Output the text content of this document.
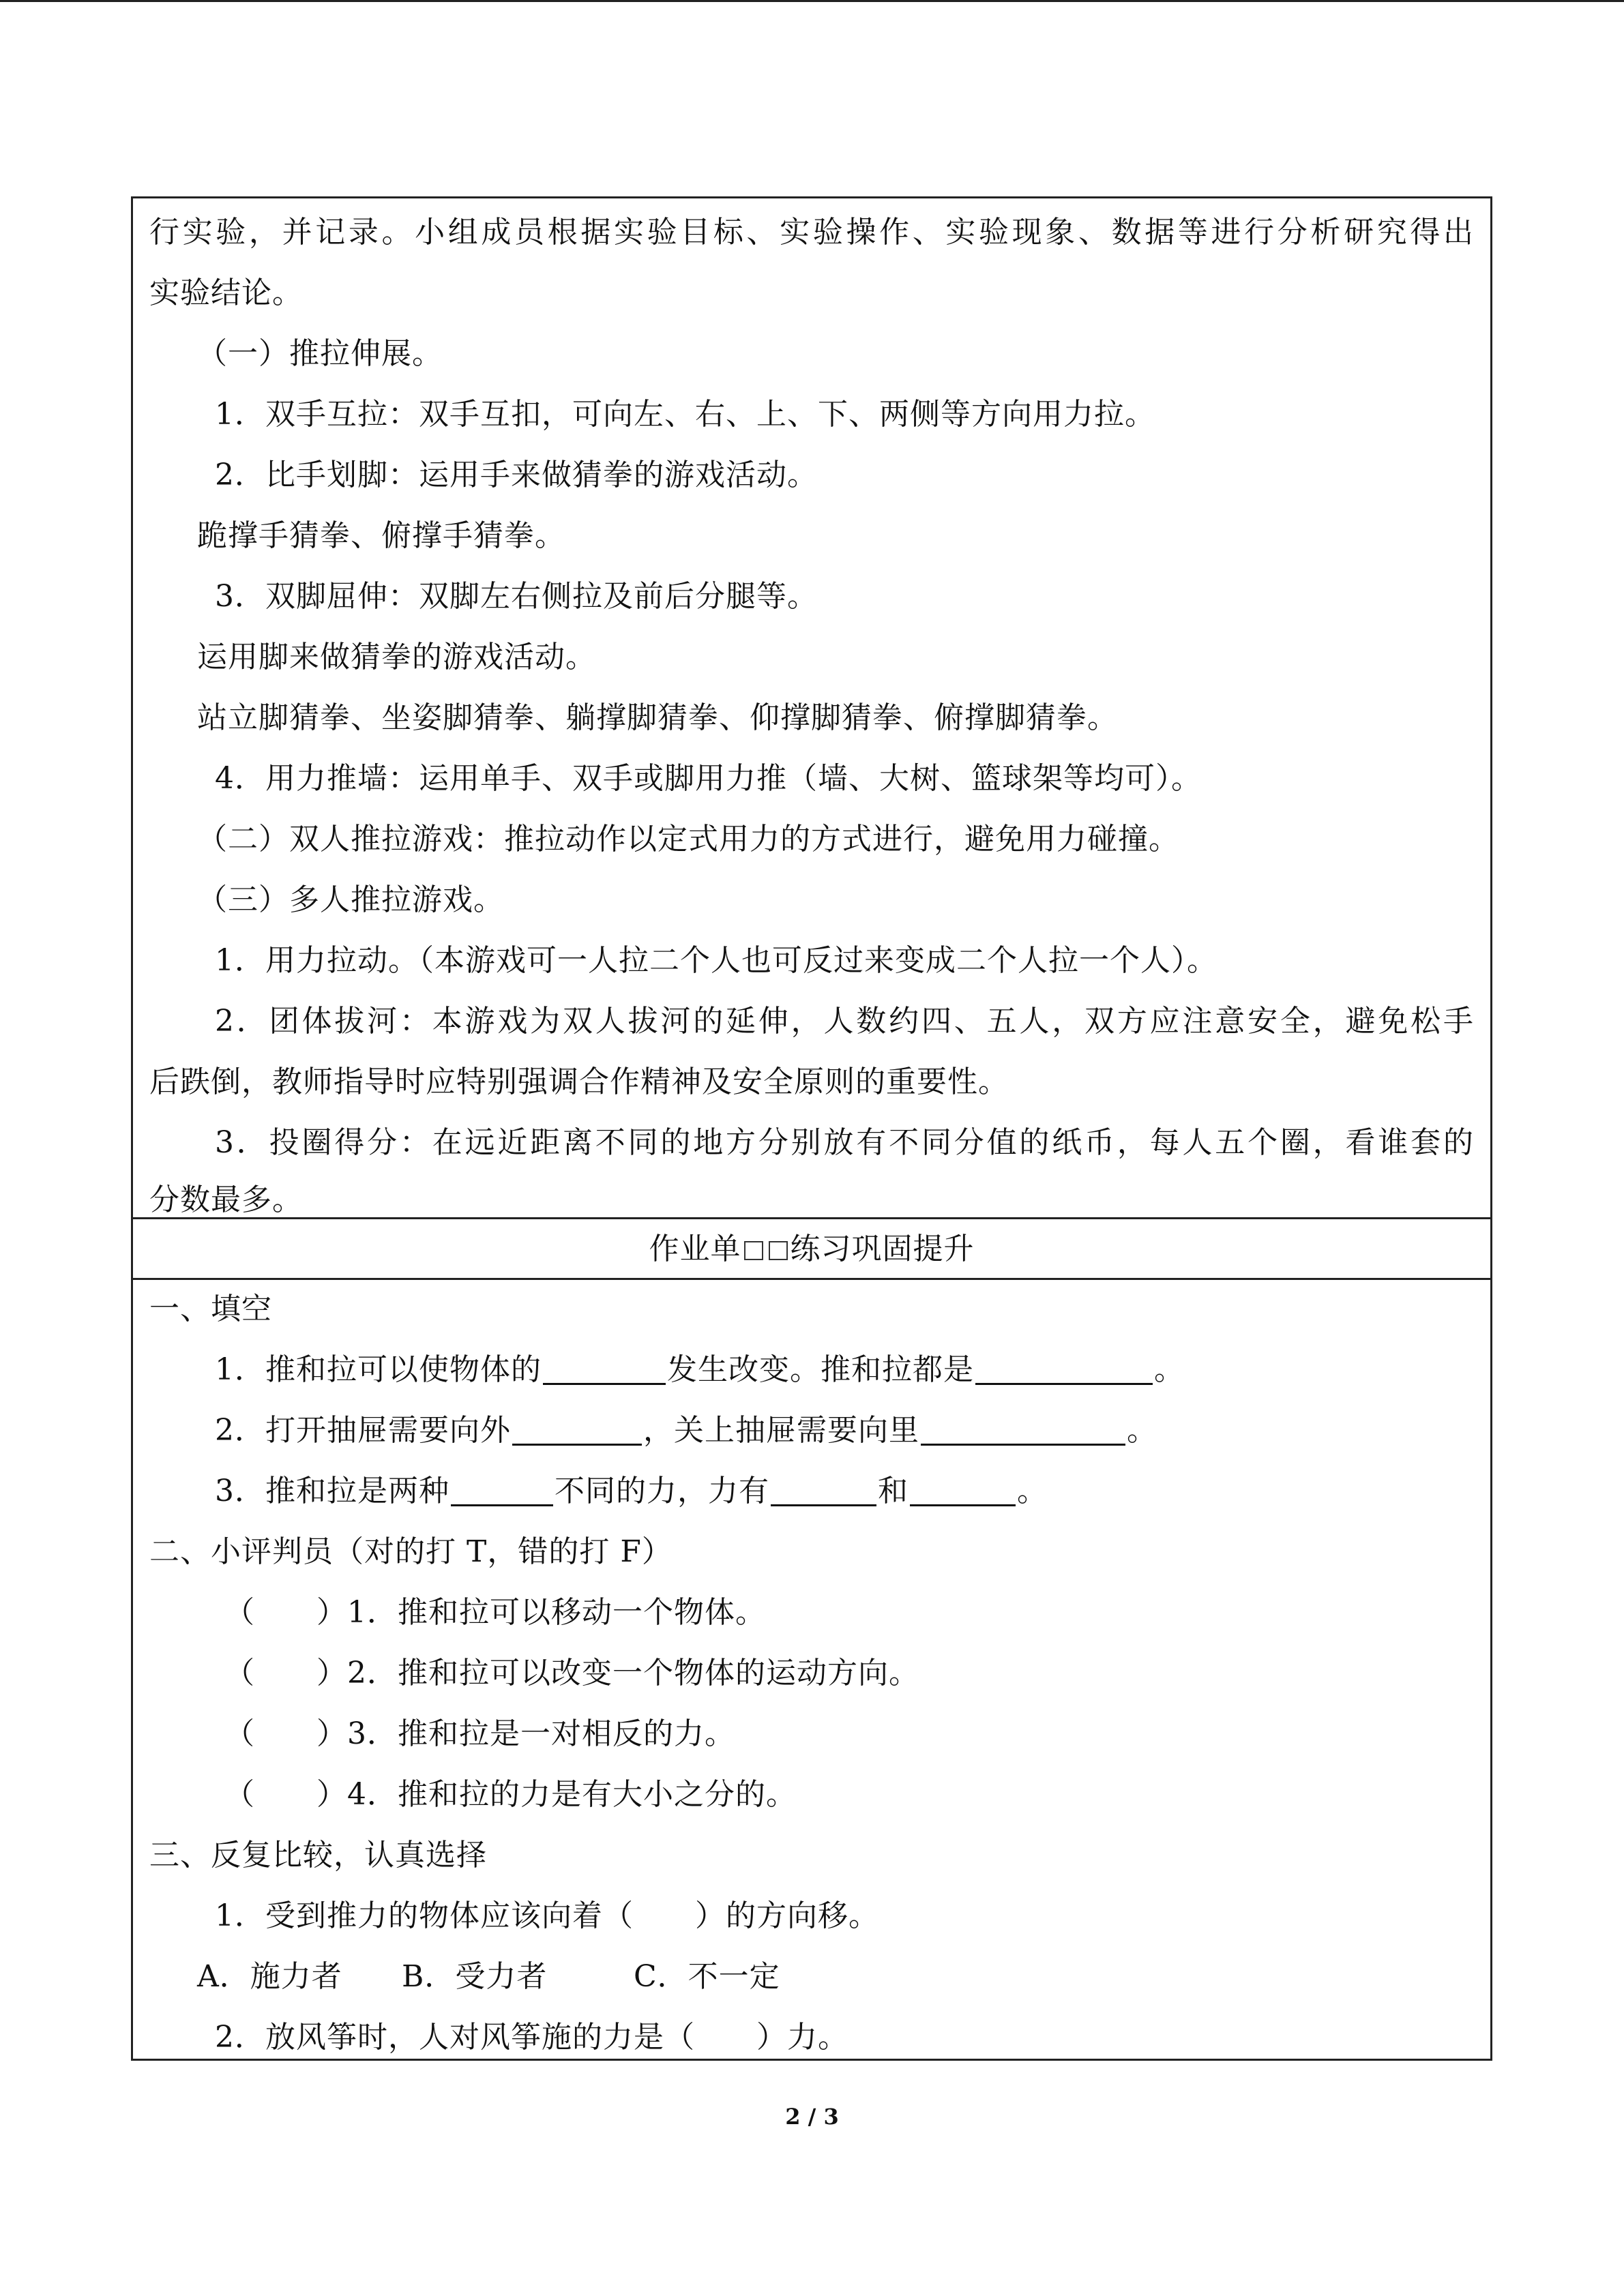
行实验，并记录。小组成员根据实验目标、实验操作、实验现象、数据等进行分析研究得出
实验结论。
（一）推拉伸展。
1．双手互拉：双手互扣，可向左、右、上、下、两侧等方向用力拉。
2．比手划脚：运用手来做猜拳的游戏活动。
跪撑手猜拳、俯撑手猜拳。
3．双脚屈伸：双脚左右侧拉及前后分腿等。
运用脚来做猜拳的游戏活动。
站立脚猜拳、坐姿脚猜拳、躺撑脚猜拳、仰撑脚猜拳、俯撑脚猜拳。
4．用力推墙：运用单手、双手或脚用力推（墙、大树、篮球架等均可）。
（二）双人推拉游戏：推拉动作以定式用力的方式进行，避免用力碰撞。
（三）多人推拉游戏。
1．用力拉动。（本游戏可一人拉二个人也可反过来变成二个人拉一个人）。
2．团体拔河：本游戏为双人拔河的延伸，人数约四、五人，双方应注意安全，避免松手
后跌倒，教师指导时应特别强调合作精神及安全原则的重要性。
3．投圈得分：在远近距离不同的地方分别放有不同分值的纸币，每人五个圈，看谁套的
分数最多。
作业单 练习巩固提升
一、填空
1．推和拉可以使物体的	发生改变。推和拉都是	。
2．打开抽屉需要向外	，关上抽屉需要向里	。
3．推和拉是两种	不同的力，力有	和	。
二、小评判员（对的打 T，错的打 F）
（　　）1．推和拉可以移动一个物体。
（　　）2．推和拉可以改变一个物体的运动方向。
（　　）3．推和拉是一对相反的力。
（　　）4．推和拉的力是有大小之分的。
三、反复比较，认真选择
1．受到推力的物体应该向着（　　）的方向移。
A．施力者 B．受力者	C．不一定
2．放风筝时，人对风筝施的力是（　　）力。
2 / 3
